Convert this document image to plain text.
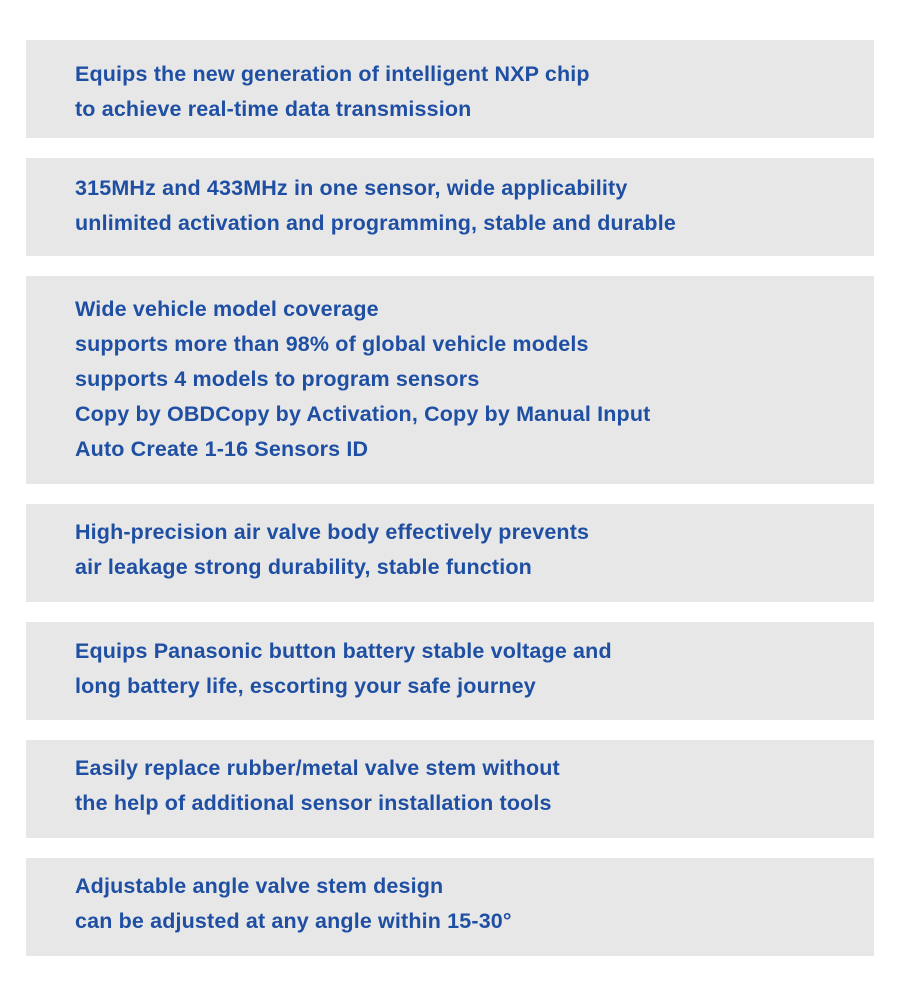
Equips the new generation of intelligent NXP chip
to achieve real-time data transmission
315MHz and 433MHz in one sensor, wide applicability
unlimited activation and programming, stable and durable
Wide vehicle model coverage
supports more than 98% of global vehicle models
supports 4 models to program sensors
Copy by OBDCopy by Activation, Copy by Manual Input
Auto Create 1-16 Sensors ID
High-precision air valve body effectively prevents
air leakage strong durability, stable function
Equips Panasonic button battery stable voltage and
long battery life, escorting your safe journey
Easily replace rubber/metal valve stem without
the help of additional sensor installation tools
Adjustable angle valve stem design
can be adjusted at any angle within 15-30°
